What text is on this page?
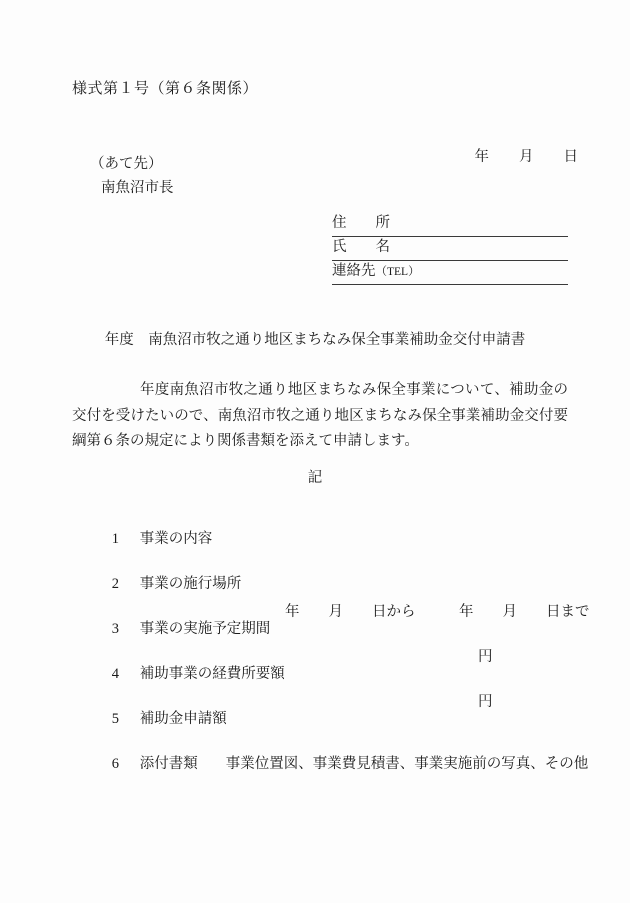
様式第１号（第６条関係）

年 月 日

（あて先）
南魚沼市長
住　　所
氏　　名
連絡先（TEL）
年度　南魚沼市牧之通り地区まちなみ保全事業補助金交付申請書
年度南魚沼市牧之通り地区まちなみ保全事業について、補助金の交付を受けたいので、南魚沼市牧之通り地区まちなみ保全事業補助金交付要綱第６条の規定により関係書類を添えて申請します。
記

1 事業の内容

2 事業の施行場所

3 事業の実施予定期間
年　　月　　日から　　　年　　月　　日まで

4 補助事業の経費所要額
円

5 補助金申請額
円

6 添付書類 事業位置図、事業費見積書、事業実施前の写真、その他
